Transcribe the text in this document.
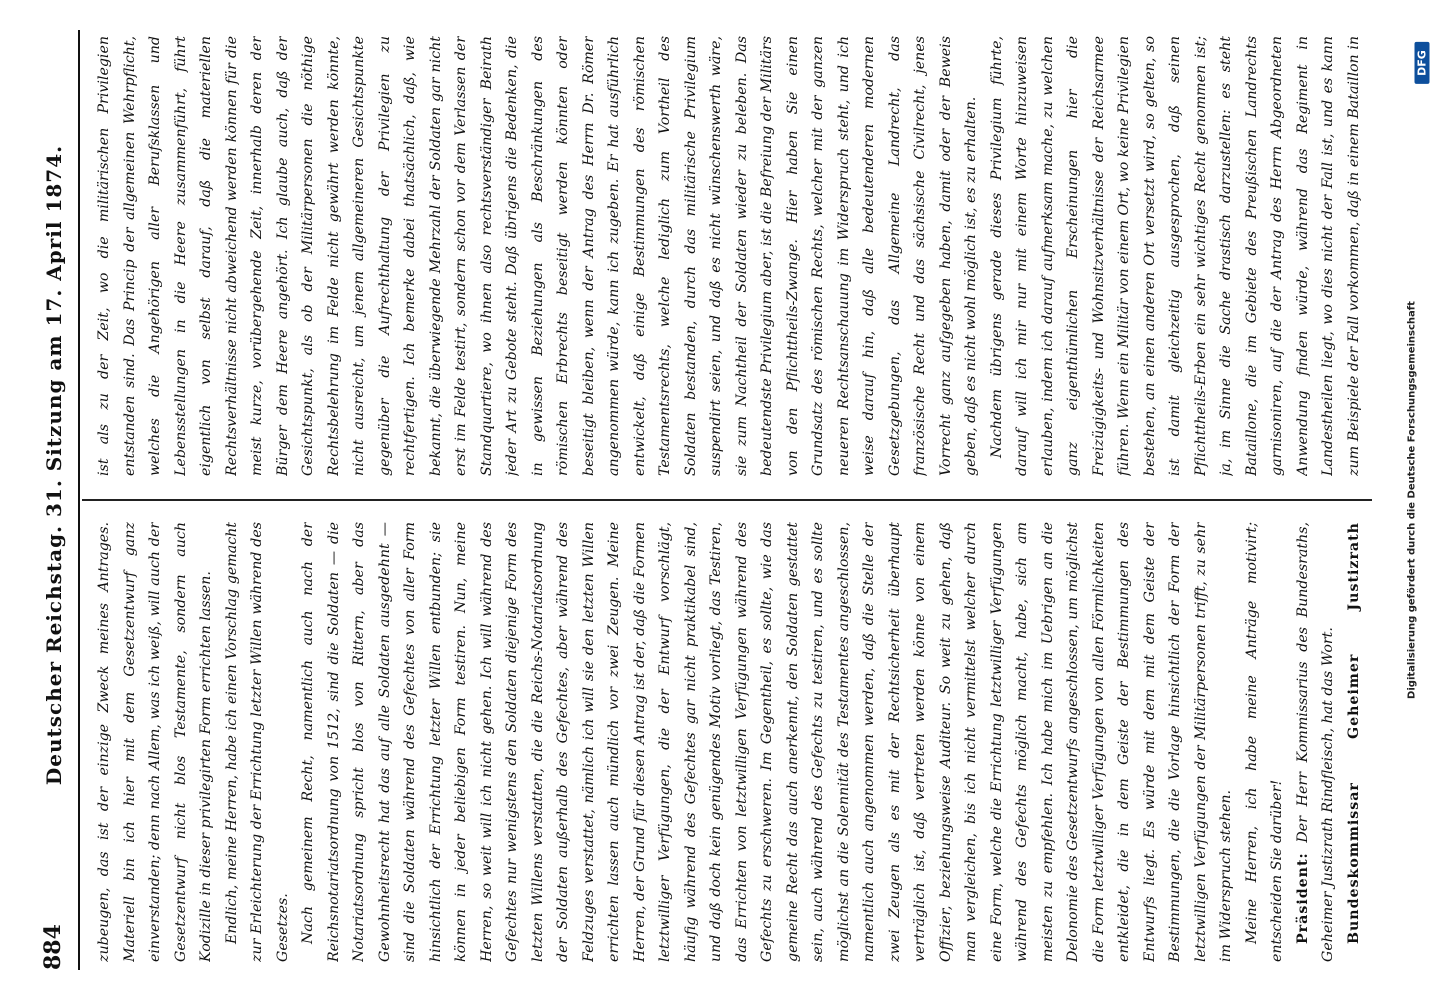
884
Deutscher Reichstag. 31. Sitzung am 17. April 1874. zubeugen, das ist der einzige Zweck meines Antrages. Materiell bin ich hier mit dem Gesetzentwurf ganz einverstanden; denn nach Allem, was ich weiß, will auch der Gesetzentwurf nicht blos Testamente, sondern auch Kodizille in dieser privilegirten Form errichten lassen. Endlich, meine Herren, habe ich einen Vorschlag gemacht zur Erleichterung der Errichtung letzter Willen während des Gesetzes. Nach gemeinem Recht, namentlich auch nach der Reichsnotariatsordnung von 1512, sind die Soldaten — die Notariatsordnung spricht blos von Rittern, aber das Gewohnheitsrecht hat das auf alle Soldaten ausgedehnt — sind die Soldaten während des Gefechtes von aller Form hinsichtlich der Errichtung letzter Willen entbunden; sie können in jeder beliebigen Form testiren. Nun, meine Herren, so weit will ich nicht gehen. Ich will während des Gefechtes nur wenigstens den Soldaten diejenige Form des letzten Willens verstatten, die die Reichs-Notariatsordnung der Soldaten außerhalb des Gefechtes, aber während des Feldzuges verstattet, nämlich ich will sie den letzten Willen errichten lassen auch mündlich vor zwei Zeugen. Meine Herren, der Grund für diesen Antrag ist der, daß die Formen letztwilliger Verfügungen, die der Entwurf vorschlägt, häufig während des Gefechtes gar nicht praktikabel sind, und daß doch kein genügendes Motiv vorliegt, das Testiren, das Errichten von letztwilligen Verfügungen während des Gefechts zu erschweren. Im Gegentheil, es sollte, wie das gemeine Recht das auch anerkennt, den Soldaten gestattet sein, auch während des Gefechts zu testiren, und es sollte möglichst an die Solennität des Testamentes angeschlossen, namentlich auch angenommen werden, daß die Stelle der zwei Zeugen als es mit der Rechtsicherheit überhaupt verträglich ist, daß vertreten werden könne von einem Offizier, beziehungsweise Auditeur. So weit zu gehen, daß man vergleichen, bis ich nicht vermittelst welcher durch eine Form, welche die Errichtung letztwilliger Verfügungen während des Gefechts möglich macht, habe, sich am meisten zu empfehlen. Ich habe mich im Uebrigen an die Delonomie des Gesetzentwurfs angeschlossen, um möglichst die Form letztwilliger Verfügungen von allen Förmlichkeiten entkleidet, die in dem Geiste der Bestimmungen des Entwurfs liegt. Es würde mit dem mit dem Geiste der Bestimmungen, die die Vorlage hinsichtlich der Form der letztwilligen Verfügungen der Militärpersonen trifft, zu sehr im Widerspruch stehen. Meine Herren, ich habe meine Anträge motivirt; entscheiden Sie darüber! Präsident: Der Herr Kommissarius des Bundesraths, Geheimer Justizrath Rindfleisch, hat das Wort. Bundeskommissar Geheimer Justizrath

ist als zu der Zeit, wo die militärischen Privilegien entstanden sind. Das Princip der allgemeinen Wehrpflicht, welches die Angehörigen aller Berufsklassen und Lebensstellungen in die Heere zusammenführt, führt eigentlich von selbst darauf, daß die materiellen Rechtsverhältnisse nicht abweichend werden können für die meist kurze, vorübergehende Zeit, innerhalb deren der Bürger dem Heere angehört. Ich glaube auch, daß der Gesichtspunkt, als ob der Militärpersonen die nöthige Rechtsbelehrung im Felde nicht gewährt werden könnte, nicht ausreicht, um jenem allgemeineren Gesichtspunkte gegenüber die Aufrechthaltung der Privilegien zu rechtfertigen. Ich bemerke dabei thatsächlich, daß, wie bekannt, die überwiegende Mehrzahl der Soldaten gar nicht erst im Felde testirt, sondern schon vor dem Verlassen der Standquartiere, wo ihnen also rechtsverständiger Beirath jeder Art zu Gebote steht. Daß übrigens die Bedenken, die in gewissen Beziehungen als Beschränkungen des römischen Erbrechts beseitigt werden könnten oder beseitigt bleiben, wenn der Antrag des Herrn Dr. Römer angenommen würde, kann ich zugeben. Er hat ausführlich entwickelt, daß einige Bestimmungen des römischen Testamentsrechts, welche lediglich zum Vortheil des Soldaten bestanden, durch das militärische Privilegium suspendirt seien, und daß es nicht wünschenswerth wäre, sie zum Nachtheil der Soldaten wieder zu beleben. Das bedeutendste Privilegium aber, ist die Befreiung der Militärs von den Pflichttheils-Zwange. Hier haben Sie einen Grundsatz des römischen Rechts, welcher mit der ganzen neueren Rechtsanschauung im Widerspruch steht, und ich weise darauf hin, daß alle bedeutenderen modernen Gesetzgebungen, das Allgemeine Landrecht, das französische Recht und das sächsische Civilrecht, jenes Vorrecht ganz aufgegeben haben, damit oder der Beweis geben, daß es nicht wohl möglich ist, es zu erhalten. Nachdem übrigens gerade dieses Privilegium führte, darauf will ich mir nur mit einem Worte hinzuweisen erlauben, indem ich darauf aufmerksam mache, zu welchen ganz eigenthümlichen Erscheinungen hier die Freizügigkeits- und Wohnsitzverhältnisse der Reichsarmee führen. Wenn ein Militär von einem Ort, wo keine Privilegien bestehen, an einen anderen Ort versetzt wird, so gelten, so ist damit gleichzeitig ausgesprochen, daß seinen Pflichttheils-Erben ein sehr wichtiges Recht genommen ist; ja, im Sinne die Sache drastisch darzustellen: es steht Bataillone, die im Gebiete des Preußischen Landrechts garnisoniren, auf die der Antrag des Herrn Abgeordneten Anwendung finden würde, während das Regiment in Landestheilen liegt, wo dies nicht der Fall ist, und es kann zum Beispiele der Fall vorkommen, daß in einem Bataillon in

Digitalisierung gefördert durch die Deutsche Forschungsgemeinschaft
DFG
